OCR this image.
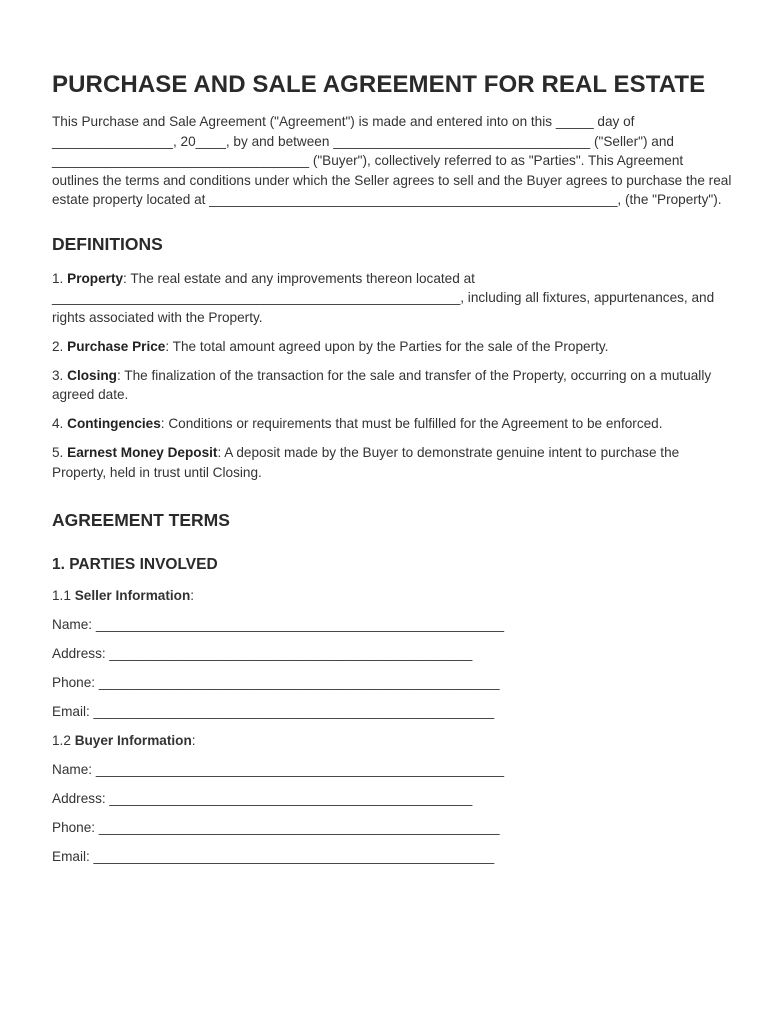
PURCHASE AND SALE AGREEMENT FOR REAL ESTATE

This Purchase and Sale Agreement ("Agreement") is made and entered into on this _____ day of ________________, 20____, by and between __________________________________ ("Seller") and __________________________________ ("Buyer"), collectively referred to as "Parties". This Agreement outlines the terms and conditions under which the Seller agrees to sell and the Buyer agrees to purchase the real estate property located at ______________________________________________________, (the "Property").

DEFINITIONS

1. Property: The real estate and any improvements thereon located at ______________________________________________________, including all fixtures, appurtenances, and rights associated with the Property.

2. Purchase Price: The total amount agreed upon by the Parties for the sale of the Property.

3. Closing: The finalization of the transaction for the sale and transfer of the Property, occurring on a mutually agreed date.

4. Contingencies: Conditions or requirements that must be fulfilled for the Agreement to be enforced.

5. Earnest Money Deposit: A deposit made by the Buyer to demonstrate genuine intent to purchase the Property, held in trust until Closing.

AGREEMENT TERMS
1. PARTIES INVOLVED

1.1 Seller Information:

Name: ______________________________________________________

Address: ________________________________________________

Phone: _____________________________________________________

Email: _____________________________________________________

1.2 Buyer Information:

Name: ______________________________________________________

Address: ________________________________________________

Phone: _____________________________________________________

Email: _____________________________________________________
